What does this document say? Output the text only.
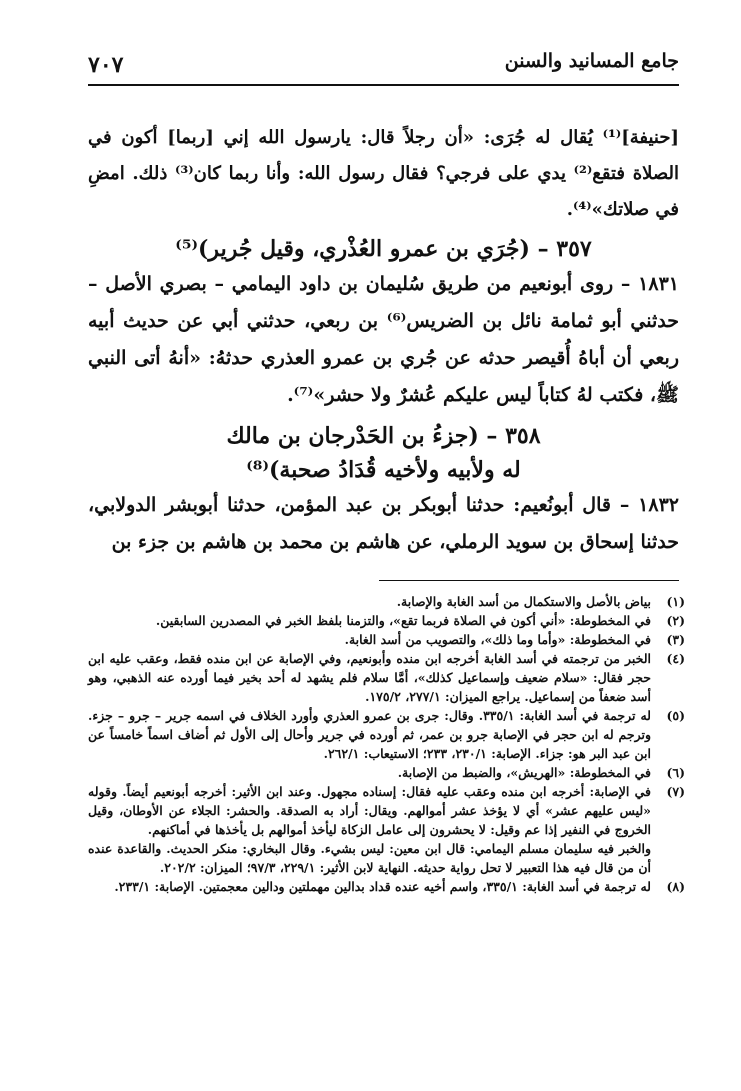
٧٠٧	جامع المسانيد والسنن

[حنيفة]⁽¹⁾ يُقال له جُرَى: «أن رجلاً قال: يارسول الله إني [ربما] أكون في الصلاة فتقع⁽²⁾ يدي على فرجي؟ فقال رسول الله: وأنا ربما كان⁽³⁾ ذلك. امضِ في صلاتك»⁽⁴⁾.

٣٥٧ – (جُرَي بن عمرو العُذْري، وقيل جُرير)⁽⁵⁾

١٨٣١ – روى أبونعيم من طريق سُليمان بن داود اليمامي – بصري الأصل – حدثني أبو ثمامة نائل بن الضريس⁽⁶⁾ بن ربعي، حدثني أبي عن حديث أبيه ربعي أن أباهُ أُقيصر حدثه عن جُري بن عمرو العذري حدثهُ: «أنهُ أتى النبي ﷺ، فكتب لهُ كتاباً ليس عليكم عُشرٌ ولا حشر»⁽⁷⁾.

٣٥٨ – (جزءُ بن الحَدْرجان بن مالك

له ولأبيه ولأخيه قُدَادُ صحبة)⁽⁸⁾

١٨٣٢ – قال أبونُعيم: حدثنا أبوبكر بن عبد المؤمن، حدثنا أبوبشر الدولابي، حدثنا إسحاق بن سويد الرملي، عن هاشم بن محمد بن هاشم بن جزء بن

(١)
بياض بالأصل والاستكمال من أسد الغابة والإصابة.
(٢)
في المخطوطة: «أني أكون في الصلاة فربما تقع»، والتزمنا بلفظ الخبر في المصدرين السابقين.
(٣)
في المخطوطة: «وأما وما ذلك»، والتصويب من أسد الغابة.
(٤)
الخبر من ترجمته في أسد الغابة أخرجه ابن منده وأبونعيم، وفي الإصابة عن ابن منده فقط، وعقب عليه ابن حجر فقال: «سلام ضعيف وإسماعيل كذلك»، أمَّا سلام فلم يشهد له أحد بخير فيما أورده عنه الذهبي، وهو أسد ضعفاً من إسماعيل. يراجع الميزان: ٢٧٧/١، ١٧٥/٢.
(٥)
له ترجمة في أسد الغابة: ٣٣٥/١. وقال: جرى بن عمرو العذري وأورد الخلاف في اسمه جرير – جرو – جزء. وترجم له ابن حجر في الإصابة جرو بن عمر، ثم أورده في جرير وأحال إلى الأول ثم أضاف اسماً خامساً عن ابن عبد البر هو: جزاء. الإصابة: ٢٣٠/١، ٢٣٣؛ الاستيعاب: ٢٦٢/١.
(٦)
في المخطوطة: «الهريش»، والضبط من الإصابة.
(٧)
في الإصابة: أخرجه ابن منده وعقب عليه فقال: إسناده مجهول. وعند ابن الأثير: أخرجه أبونعيم أيضاً. وقوله «ليس عليهم عشر» أي لا يؤخذ عشر أموالهم. ويقال: أراد به الصدقة. والحشر: الجلاء عن الأوطان، وقيل الخروج في النفير إذا عم وقيل: لا يحشرون إلى عامل الزكاة ليأخذ أموالهم بل يأخذها في أماكنهم.

والخبر فيه سليمان مسلم اليمامي: قال ابن معين: ليس بشيء. وقال البخاري: منكر الحديث. والقاعدة عنده أن من قال فيه هذا التعبير لا تحل رواية حديثه. النهاية لابن الأثير: ٢٢٩/١، ٩٧/٣؛ الميزان: ٢٠٢/٢.

(٨)
له ترجمة في أسد الغابة: ٣٣٥/١، واسم أخيه عنده قداد بدالين مهملتين ودالين معجمتين. الإصابة: ٢٣٣/١.
